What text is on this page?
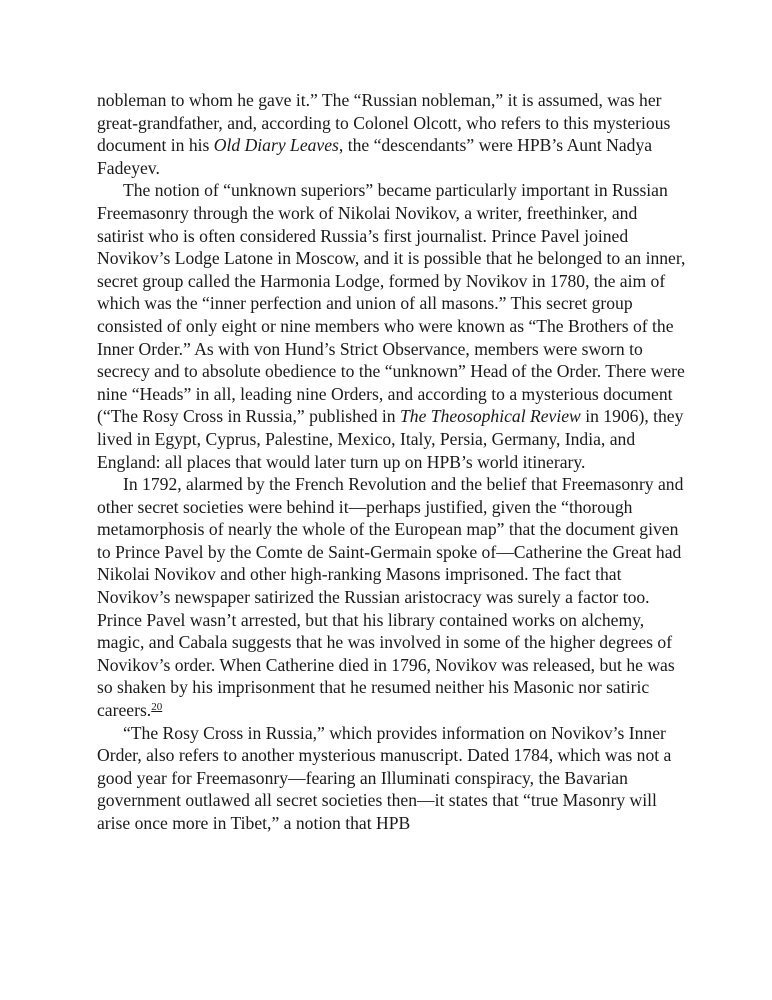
nobleman to whom he gave it.” The “Russian nobleman,” it is assumed, was her great-grandfather, and, according to Colonel Olcott, who refers to this mysterious document in his Old Diary Leaves, the “descendants” were HPB’s Aunt Nadya Fadeyev.

The notion of “unknown superiors” became particularly important in Russian Freemasonry through the work of Nikolai Novikov, a writer, freethinker, and satirist who is often considered Russia’s first journalist. Prince Pavel joined Novikov’s Lodge Latone in Moscow, and it is possible that he belonged to an inner, secret group called the Harmonia Lodge, formed by Novikov in 1780, the aim of which was the “inner perfection and union of all masons.” This secret group consisted of only eight or nine members who were known as “The Brothers of the Inner Order.” As with von Hund’s Strict Observance, members were sworn to secrecy and to absolute obedience to the “unknown” Head of the Order. There were nine “Heads” in all, leading nine Orders, and according to a mysterious document (“The Rosy Cross in Russia,” published in The Theosophical Review in 1906), they lived in Egypt, Cyprus, Palestine, Mexico, Italy, Persia, Germany, India, and England: all places that would later turn up on HPB’s world itinerary.

In 1792, alarmed by the French Revolution and the belief that Freemasonry and other secret societies were behind it—perhaps justified, given the “thorough metamorphosis of nearly the whole of the European map” that the document given to Prince Pavel by the Comte de Saint-Germain spoke of—Catherine the Great had Nikolai Novikov and other high-ranking Masons imprisoned. The fact that Novikov’s newspaper satirized the Russian aristocracy was surely a factor too. Prince Pavel wasn’t arrested, but that his library contained works on alchemy, magic, and Cabala suggests that he was involved in some of the higher degrees of Novikov’s order. When Catherine died in 1796, Novikov was released, but he was so shaken by his imprisonment that he resumed neither his Masonic nor satiric careers.$^{20}$

“The Rosy Cross in Russia,” which provides information on Novikov’s Inner Order, also refers to another mysterious manuscript. Dated 1784, which was not a good year for Freemasonry—fearing an Illuminati conspiracy, the Bavarian government outlawed all secret societies then—it states that “true Masonry will arise once more in Tibet,” a notion that HPB
